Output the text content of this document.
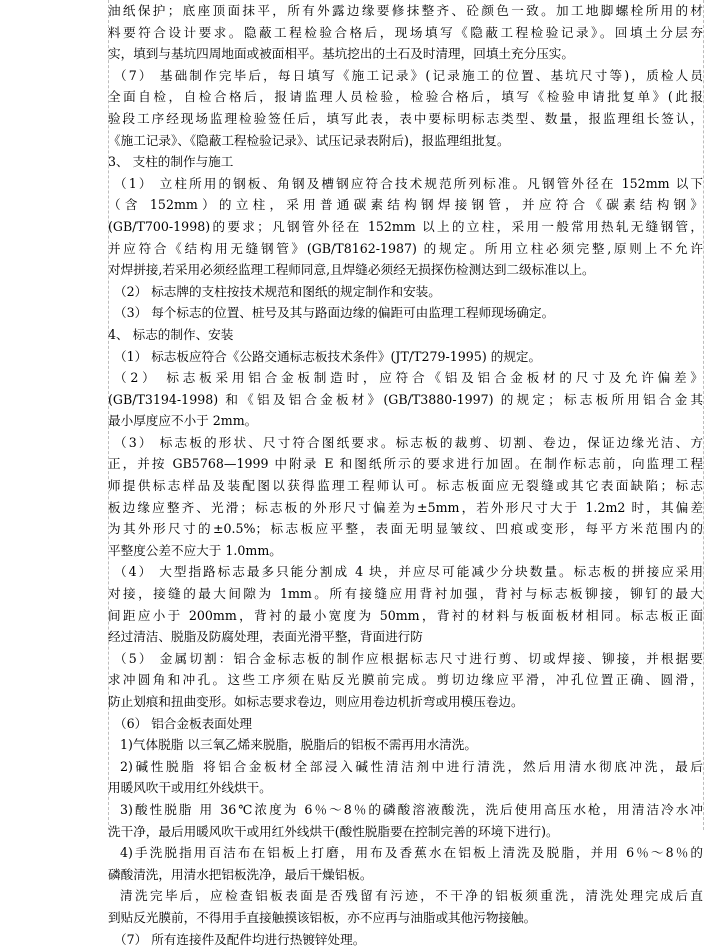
油纸保护；底座顶面抹平，所有外露边缘要修抹整齐、砼颜色一致。加工地脚螺栓所用的材
料要符合设计要求。隐蔽工程检验合格后，现场填写《隐蔽工程检验记录》。回填土分层夯
实，填到与基坑四周地面或被面相平。基坑挖出的土石及时清理，回填土充分压实。
（7） 基础制作完毕后，每日填写《施工记录》(记录施工的位置、基坑尺寸等)，质检人员
全面自检，自检合格后，报请监理人员检验，检验合格后，填写《检验申请批复单》(此报
验段工序经现场监理检验签任后，填写此表，表中要标明标志类型、数量，报监理组长签认，
《施工记录》、《隐蔽工程检验记录》、试压记录表附后)，报监理组批复。
3、 支柱的制作与施工
（1） 立柱所用的钢板、角钢及槽钢应符合技术规范所列标准。凡钢管外径在 152mm 以下
（含 152mm）的立柱，采用普通碳素结构钢焊接钢管，并应符合《碳素结构钢》
(GB/T700-1998)的要求；凡钢管外径在 152mm 以上的立柱，采用一般常用热轧无缝钢管，
并应符合《结构用无缝钢管》(GB/T8162-1987) 的规定。所用立柱必须完整,原则上不允许
对焊拼接,若采用必须经监理工程师同意,且焊缝必须经无损探伤检测达到二级标准以上。
（2） 标志牌的支柱按技术规范和图纸的规定制作和安装。
（3） 每个标志的位置、桩号及其与路面边缘的偏距可由监理工程师现场确定。
4、 标志的制作、安装
（1） 标志板应符合《公路交通标志板技术条件》(JT/T279-1995) 的规定。
（2） 标志板采用铝合金板制造时，应符合《铝及铝合金板材的尺寸及允许偏差》
(GB/T3194-1998) 和《铝及铝合金板材》(GB/T3880-1997) 的规定；标志板所用铝合金其
最小厚度应不小于 2mm。
（3） 标志板的形状、尺寸符合图纸要求。标志板的裁剪、切割、卷边，保证边缘光洁、方
正，并按 GB5768—1999 中附录 E 和图纸所示的要求进行加固。在制作标志前，向监理工程
师提供标志样品及装配图以获得监理工程师认可。标志板面应无裂缝或其它表面缺陷；标志
板边缘应整齐、光滑；标志板的外形尺寸偏差为±5mm，若外形尺寸大于 1.2m2 时，其偏差
为其外形尺寸的±0.5%；标志板应平整，表面无明显皱纹、凹痕或变形，每平方米范围内的
平整度公差不应大于 1.0mm。
（4） 大型指路标志最多只能分割成 4 块，并应尽可能减少分块数量。标志板的拼接应采用
对接，接缝的最大间隙为 1mm。所有接缝应用背衬加强，背衬与标志板铆接，铆钉的最大
间距应小于 200mm，背衬的最小宽度为 50mm，背衬的材料与板面板材相同。标志板正面
经过清洁、脱脂及防腐处理，表面光滑平整，背面进行防
（5） 金属切割：铝合金标志板的制作应根据标志尺寸进行剪、切或焊接、铆接，并根据要
求冲圆角和冲孔。这些工序须在贴反光膜前完成。剪切边缘应平滑，冲孔位置正确、圆滑，
防止划痕和扭曲变形。如标志要求卷边，则应用卷边机折弯或用模压卷边。
（6） 铝合金板表面处理
1)气体脱脂 以三氧乙烯来脱脂，脱脂后的铝板不需再用水清洗。
2)碱性脱脂 将铝合金板材全部浸入碱性清洁剂中进行清洗，然后用清水彻底冲洗，最后
用暖风吹干或用红外线烘干。
3)酸性脱脂 用 36℃浓度为 6％～8％的磷酸溶液酸洗，洗后使用高压水枪，用清洁冷水冲
洗干净，最后用暖风吹干或用红外线烘干(酸性脱脂要在控制完善的环境下进行)。
4)手洗脱指用百洁布在铝板上打磨，用布及香蕉水在铝板上清洗及脱脂，并用 6％～8％的
磷酸清洗，用清水把铝板洗净，最后干燥铝板。
清洗完毕后，应检查铝板表面是否残留有污迹，不干净的铝板须重洗，清洗处理完成后直
到贴反光膜前，不得用手直接触摸该铝板，亦不应再与油脂或其他污物接触。
（7） 所有连接件及配件均进行热镀锌处理。
